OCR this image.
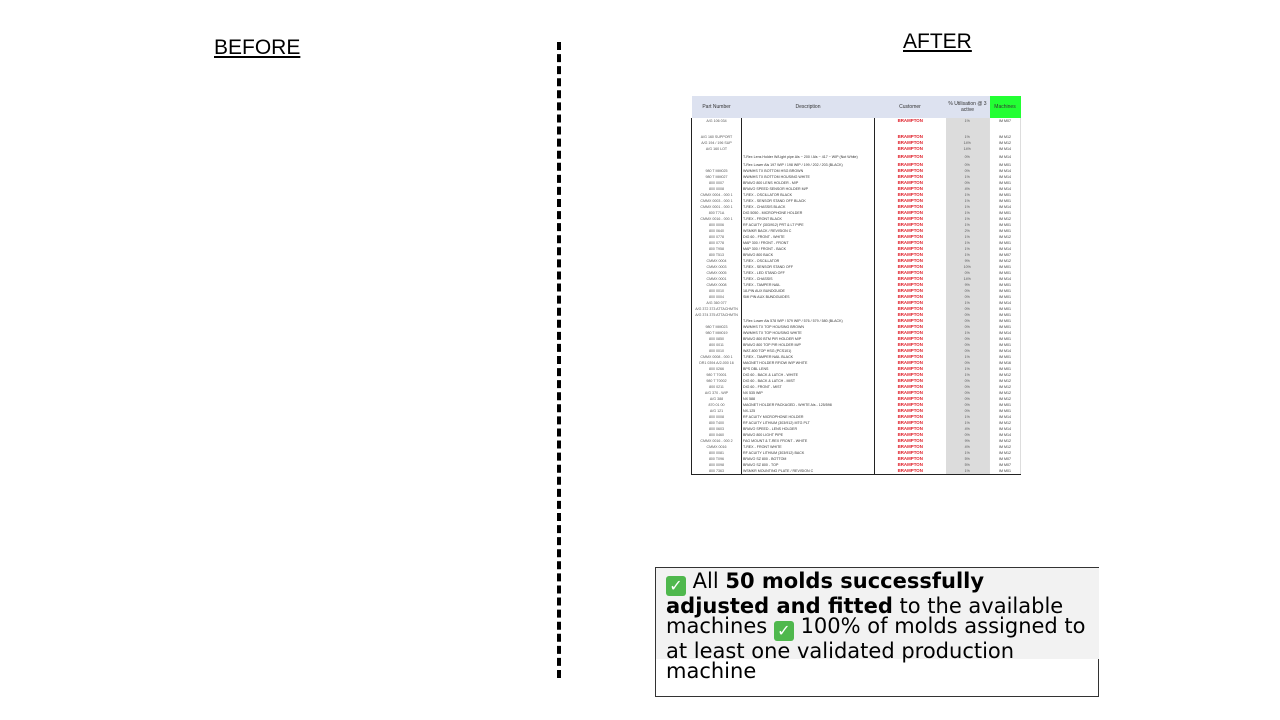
BEFORE	AFTER
Part Number	Description	Customer	% Utilisation @ 3 active	Machines
A/G 106 034		BRAMPTON	1%	IM M07

A/G 160 SUPPORT		BRAMPTON	1%	IM M12
A/G 194 / 196 SUP		BRAMPTON	14%	IM M12
A/G 160 LOT		BRAMPTON	14%	IM M14
	T-Rex Lens Holder W/Light pipe Als ~ 200 / Als ~ 417 ~ WIP (Not White)	BRAMPTON	0%	IM M14
	T-Rex Lower Als 197 WIP / 198 WIP / 199 / 202 / 203 (BLACK)	BRAMPTON	0%	IM M01
980 T MM025	WWMHS TX BOTTOM HSG BROWN	BRAMPTON	0%	IM M14
980 T MM027	WWMHS TX BOTTOM HOUSING WHITE	BRAMPTON	1%	IM M14
800 0007	BRAVO 800 LENS HOLDER - M/P	BRAMPTON	0%	IM M01
800 0008	BRAVO SPEED SENSOR HOLDER M/P	BRAMPTON	4%	IM M14
CMMX 0004 - 000 1	T-REX - OSCILLATOR BLACK	BRAMPTON	1%	IM M01
CMMX 0003 - 000 1	T-REX - SENSOR STAND OFF BLACK	BRAMPTON	1%	IM M01
CMMX 0001 - 000 1	T-REX - CHASSIS BLACK	BRAMPTON	1%	IM M14
800 T71A	DIG 5050 - MICROPHONE HOLDER	BRAMPTON	1%	IM M01
CMMX 0016 - 000 1	T-REX - FRONT BLACK	BRAMPTON	1%	IM M12
800 0006	RF ACUITY (303/912) PRT & LT PIPE	BRAMPTON	1%	IM M01
800 0640	WSMKR BACK / REVISION C	BRAMPTON	2%	IM M01
800 0778	DIG 60 - FRONT - WHITE	BRAMPTON	1%	IM M12
800 0778	MAP 300 / FRONT - FRONT	BRAMPTON	1%	IM M01
800 T958	MAP 300 / FRONT - BACK	BRAMPTON	1%	IM M14
800 T513	BRAVO 800 BACK	BRAMPTON	1%	IM M07
CMMX 0004	T-REX - OSCILLATOR	BRAMPTON	9%	IM M12
CMMX 0003	T-REX - SENSOR STAND OFF	BRAMPTON	10%	IM M01
CMMX 0005	T-REX - LED STAND OFF	BRAMPTON	0%	IM M01
CMMX 0001	T-REX - CHASSIS	BRAMPTON	14%	IM M14
CMMX 0008	T-REX - TAMPER NAIL	BRAMPTON	9%	IM M01
800 0010	18-PIN AUX BUNDGUIDE	BRAMPTON	0%	IM M01
800 0004	SMI PIN AUX BUNDGUIDES	BRAMPTON	0%	IM M01
A/G 360 077		BRAMPTON	1%	IM M14
A/G 372 373 ATTACHMTN		BRAMPTON	0%	IM M01
A/G 374 375 ATTACHMTN		BRAMPTON	0%	IM M01
	T-Rex Lower Als 578 WIP / 579 WIP / 576 / 579 / 580 (BLACK)	BRAMPTON	0%	IM M01
980 T MM023	WWMHS TX TOP HOUSING BROWN	BRAMPTON	0%	IM M01
980 T MM019	WWMHS TX TOP HOUSING WHITE	BRAMPTON	1%	IM M14
800 0850	BRAVO 800 BTM PIR HOLDER M/P	BRAMPTON	0%	IM M01
800 0011	BRAVO 800 TOP PIR HOLDER M/P	BRAMPTON	0%	IM M01
800 0010	WAT-800 TOP HSG (PCS101)	BRAMPTON	0%	IM M14
CMMX 0008 - 000 1	T-REX - TAMPER NAIL BLACK	BRAMPTON	1%	IM M01
DR1 0394 A/2-000 16	MAGNET HOLDER RF/DW WIP WHITE	BRAMPTON	0%	IM M16
800 0266	BPS DBL LENS	BRAMPTON	1%	IM M01
980 T T0001	DIG 60 - BACK & LATCH - WHITE	BRAMPTON	1%	IM M12
980 T T0002	DIG 60 - BACK & LATCH - MIST	BRAMPTON	0%	IM M12
800 0211	DIG 60 - FRONT - MIST	BRAMPTON	0%	IM M12
A/G 370 - WIP	NX 535 WIP	BRAMPTON	0%	IM M12
A/G 388	NX 588	BRAMPTON	0%	IM M12
870 01 00	MAGNET HOLDER PACKAGED - WHITE Als - 125/598	BRAMPTON	0%	IM M01
A/G 121	NX-125	BRAMPTON	0%	IM M01
800 0008	RF ACUITY MICROPHONE HOLDER	BRAMPTON	1%	IM M14
800 T400	RF ACUITY LITHIUM (303/912) MTG PLT	BRAMPTON	1%	IM M12
800 0603	BRAVO SPEED - LENS HOLDER	BRAMPTON	4%	IM M14
800 0460	BRAVO 800 LIGHT PIPE	BRAMPTON	0%	IM M14
CMMX 0016 - 000 2	FAG MOUNT & T-REX FRONT - WHITE	BRAMPTON	9%	IM M12
CMMX 0016	T-REX - FRONT WHITE	BRAMPTON	4%	IM M12
800 0081	RF ACUITY LITHIUM (303/912) BACK	BRAMPTON	1%	IM M12
800 T096	BRAVO SZ 800 - BOTTOM	BRAMPTON	5%	IM M07
800 0098	BRAVO SZ 800 - TOP	BRAMPTON	5%	IM M07
800 7363	WSMKR MOUNTING PLATE / REVISION C	BRAMPTON	1%	IM M01
✓ All 50 molds successfully adjusted and fitted to the available machines ✓ 100% of molds assigned to at least one validated production machine
